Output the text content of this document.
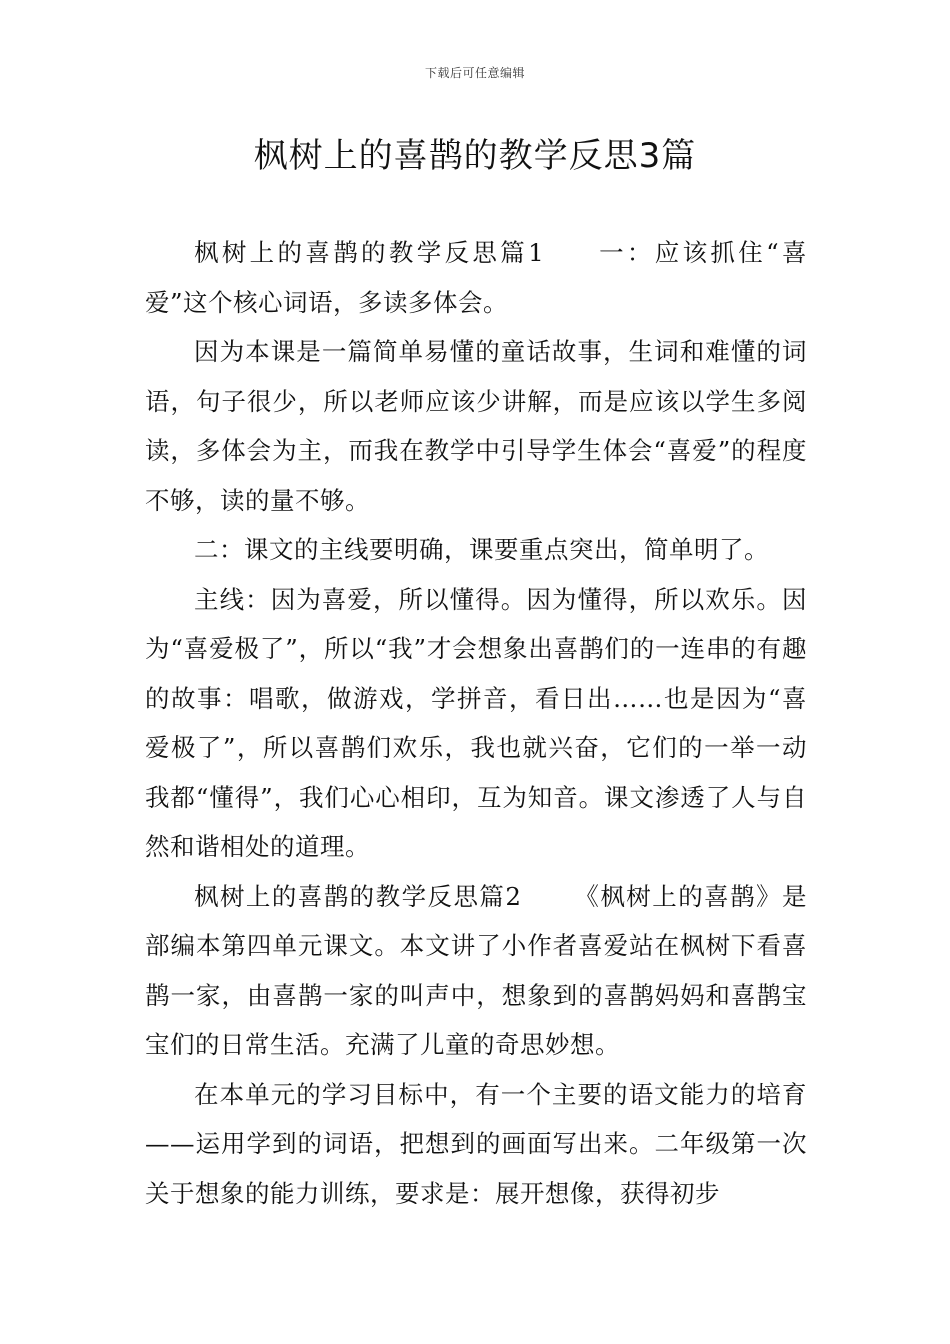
下载后可任意编辑
枫树上的喜鹊的教学反思3篇

枫树上的喜鹊的教学反思篇1 一：应该抓住“喜爱”这个核心词语，多读多体会。

因为本课是一篇简单易懂的童话故事，生词和难懂的词语，句子很少，所以老师应该少讲解，而是应该以学生多阅读，多体会为主，而我在教学中引导学生体会“喜爱”的程度不够，读的量不够。

二：课文的主线要明确，课要重点突出，简单明了。

主线：因为喜爱，所以懂得。因为懂得，所以欢乐。因为“喜爱极了”，所以“我”才会想象出喜鹊们的一连串的有趣的故事：唱歌，做游戏，学拼音，看日出……也是因为“喜爱极了”，所以喜鹊们欢乐，我也就兴奋，它们的一举一动我都“懂得”，我们心心相印，互为知音。课文渗透了人与自然和谐相处的道理。

枫树上的喜鹊的教学反思篇2 《枫树上的喜鹊》是部编本第四单元课文。本文讲了小作者喜爱站在枫树下看喜鹊一家，由喜鹊一家的叫声中，想象到的喜鹊妈妈和喜鹊宝宝们的日常生活。充满了儿童的奇思妙想。

在本单元的学习目标中，有一个主要的语文能力的培育——运用学到的词语，把想到的画面写出来。二年级第一次关于想象的能力训练，要求是：展开想像，获得初步
